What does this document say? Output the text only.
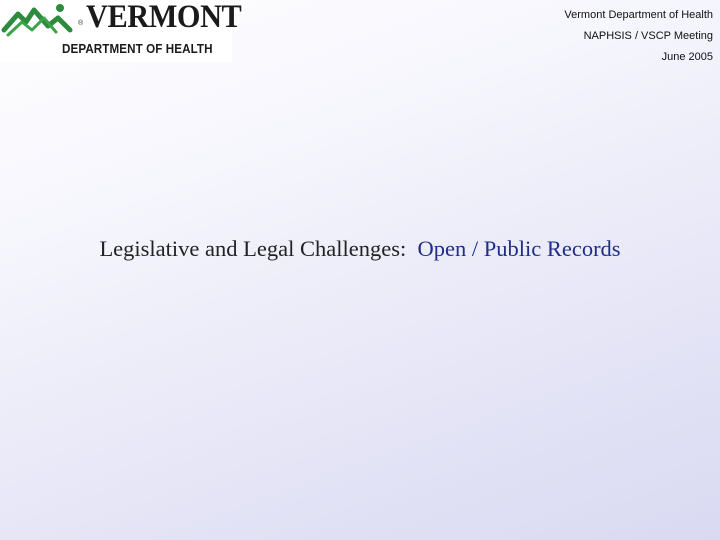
® VERMONT
DEPARTMENT OF HEALTH
Vermont Department of Health
NAPHSIS / VSCP Meeting
June 2005
Legislative and Legal Challenges: Open / Public Records
